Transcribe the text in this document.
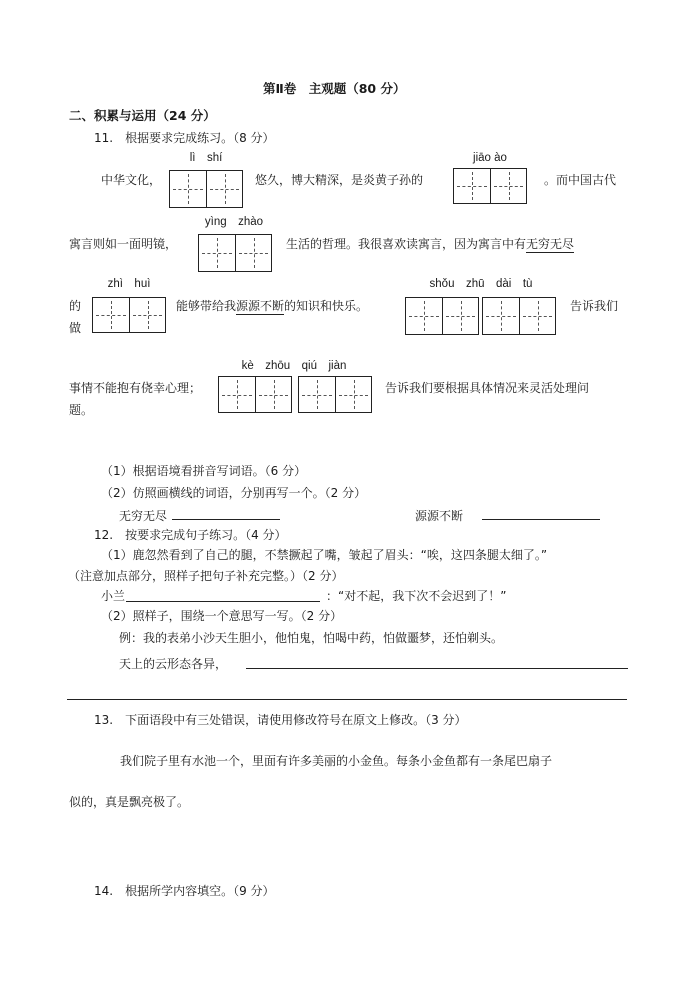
第Ⅱ卷　主观题（80 分）
二、积累与运用（24 分）
11.　根据要求完成练习。（8 分）
lì　shí
中华文化，	悠久，博大精深，是炎黄子孙的
jiāo ào
。而中国古代
yìnɡ　zhào
寓言则如一面明镜，	生活的哲理。我很喜欢读寓言，因为寓言中有无穷无尽
zhì　huì
的
做
能够带给我源源不断的知识和快乐。
shǒu　zhū　dài　tù
告诉我们
kè　zhōu　qiú　jiàn
事情不能抱有侥幸心理；	告诉我们要根据具体情况来灵活处理问
题。
（1）根据语境看拼音写词语。（6 分）
（2）仿照画横线的词语，分别再写一个。（2 分）
无穷无尽	源源不断
12.　按要求完成句子练习。（4 分）
（1）鹿忽然看到了自己的腿，不禁撅起了嘴，皱起了眉头：“唉，这四条腿太细了。”
（注意加点部分，照样子把句子补充完整。）（2 分）
小兰	：“对不起，我下次不会迟到了！”
（2）照样子，围绕一个意思写一写。（2 分）
例：我的表弟小沙天生胆小，他怕鬼，怕喝中药，怕做噩梦，还怕剃头。
天上的云形态各异，
13.　下面语段中有三处错误，请使用修改符号在原文上修改。（3 分）
我们院子里有水池一个，里面有许多美丽的小金鱼。每条小金鱼都有一条尾巴扇子
似的，真是飘亮极了。
14.　根据所学内容填空。（9 分）
